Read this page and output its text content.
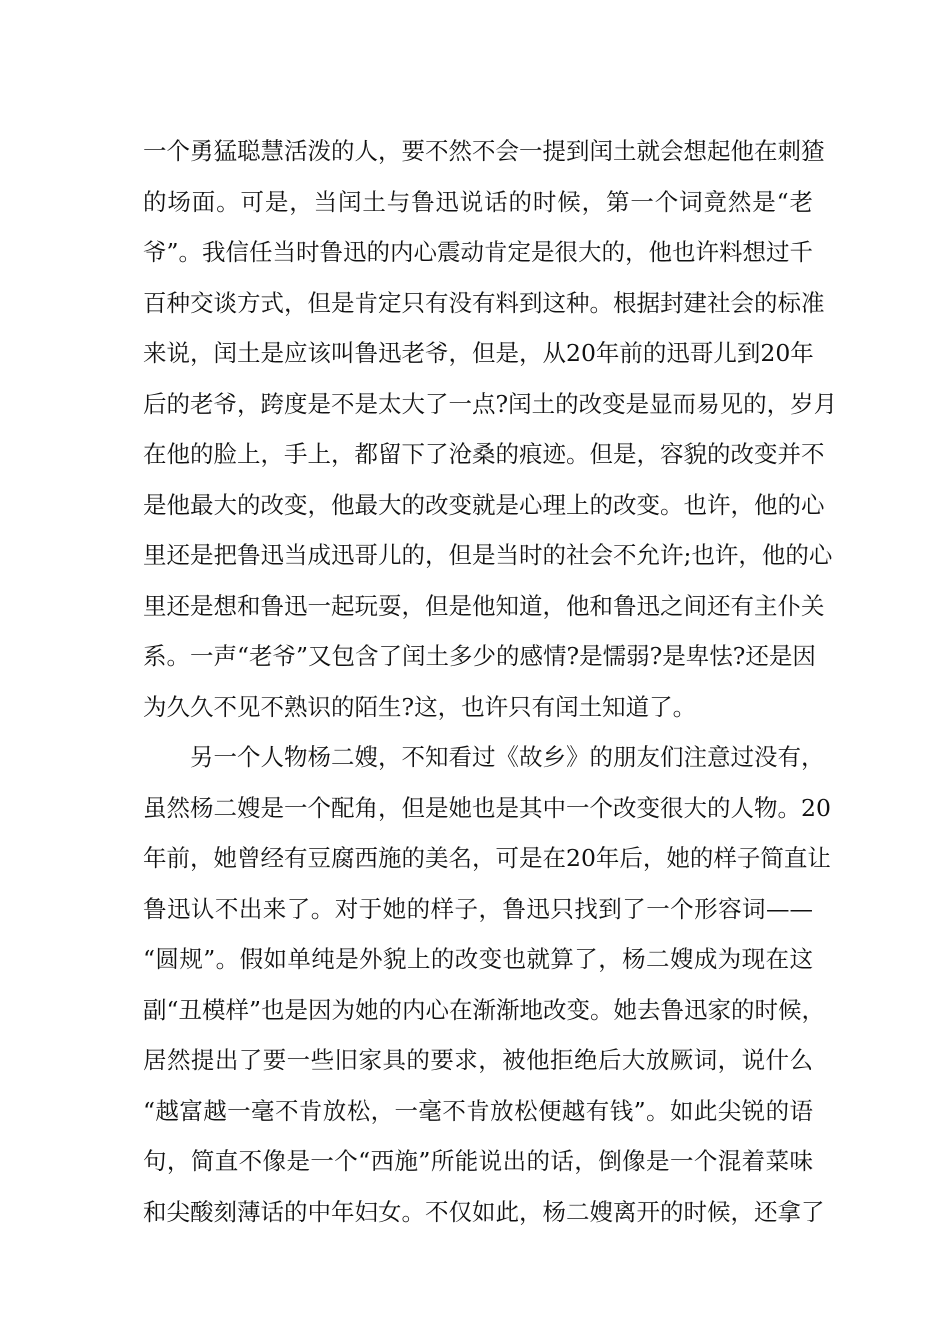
一个勇猛聪慧活泼的人，要不然不会一提到闰土就会想起他在刺猹
的场面。可是，当闰土与鲁迅说话的时候，第一个词竟然是“老
爷”。我信任当时鲁迅的内心震动肯定是很大的，他也许料想过千
百种交谈方式，但是肯定只有没有料到这种。根据封建社会的标准
来说，闰土是应该叫鲁迅老爷，但是，从20年前的迅哥儿到20年
后的老爷，跨度是不是太大了一点?闰土的改变是显而易见的，岁月
在他的脸上，手上，都留下了沧桑的痕迹。但是，容貌的改变并不
是他最大的改变，他最大的改变就是心理上的改变。也许，他的心
里还是把鲁迅当成迅哥儿的，但是当时的社会不允许;也许，他的心
里还是想和鲁迅一起玩耍，但是他知道，他和鲁迅之间还有主仆关
系。一声“老爷”又包含了闰土多少的感情?是懦弱?是卑怯?还是因
为久久不见不熟识的陌生?这，也许只有闰土知道了。
另一个人物杨二嫂，不知看过《故乡》的朋友们注意过没有，
虽然杨二嫂是一个配角，但是她也是其中一个改变很大的人物。20
年前，她曾经有豆腐西施的美名，可是在20年后，她的样子简直让
鲁迅认不出来了。对于她的样子，鲁迅只找到了一个形容词——
“圆规”。假如单纯是外貌上的改变也就算了，杨二嫂成为现在这
副“丑模样”也是因为她的内心在渐渐地改变。她去鲁迅家的时候，
居然提出了要一些旧家具的要求，被他拒绝后大放厥词，说什么
“越富越一毫不肯放松，一毫不肯放松便越有钱”。如此尖锐的语
句，简直不像是一个“西施”所能说出的话，倒像是一个混着菜味
和尖酸刻薄话的中年妇女。不仅如此，杨二嫂离开的时候，还拿了
